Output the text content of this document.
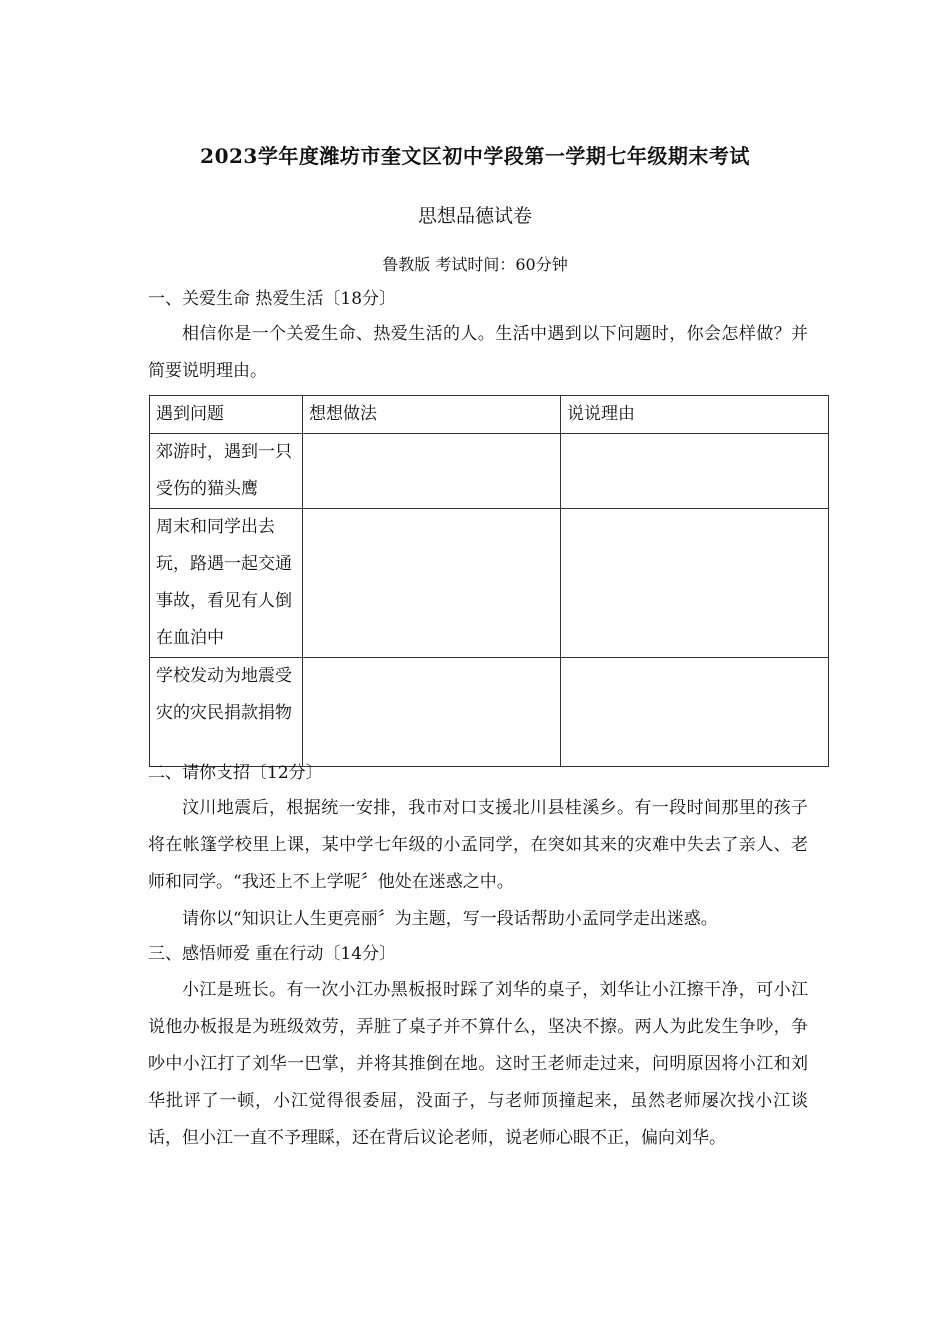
2023学年度潍坊市奎文区初中学段第一学期七年级期末考试
思想品德试卷
鲁教版 考试时间：60分钟
一、关爱生命 热爱生活〔18分〕

相信你是一个关爱生命、热爱生活的人。生活中遇到以下问题时，你会怎样做？并简要说明理由。

遇到问题	想想做法	说说理由
郊游时，遇到一只受伤的猫头鹰		
周末和同学出去玩，路遇一起交通事故，看见有人倒在血泊中		
学校发动为地震受灾的灾民捐款捐物		
二、请你支招〔12分〕

汶川地震后，根据统一安排，我市对口支援北川县桂溪乡。有一段时间那里的孩子将在帐篷学校里上课，某中学七年级的小孟同学，在突如其来的灾难中失去了亲人、老师和同学。“我还上不上学呢〞他处在迷惑之中。

请你以“知识让人生更亮丽〞为主题，写一段话帮助小孟同学走出迷惑。

三、感悟师爱 重在行动〔14分〕

小江是班长。有一次小江办黑板报时踩了刘华的桌子，刘华让小江擦干净，可小江说他办板报是为班级效劳，弄脏了桌子并不算什么，坚决不擦。两人为此发生争吵，争吵中小江打了刘华一巴掌，并将其推倒在地。这时王老师走过来，问明原因将小江和刘华批评了一顿，小江觉得很委屈，没面子，与老师顶撞起来，虽然老师屡次找小江谈话，但小江一直不予理睬，还在背后议论老师，说老师心眼不正，偏向刘华。
